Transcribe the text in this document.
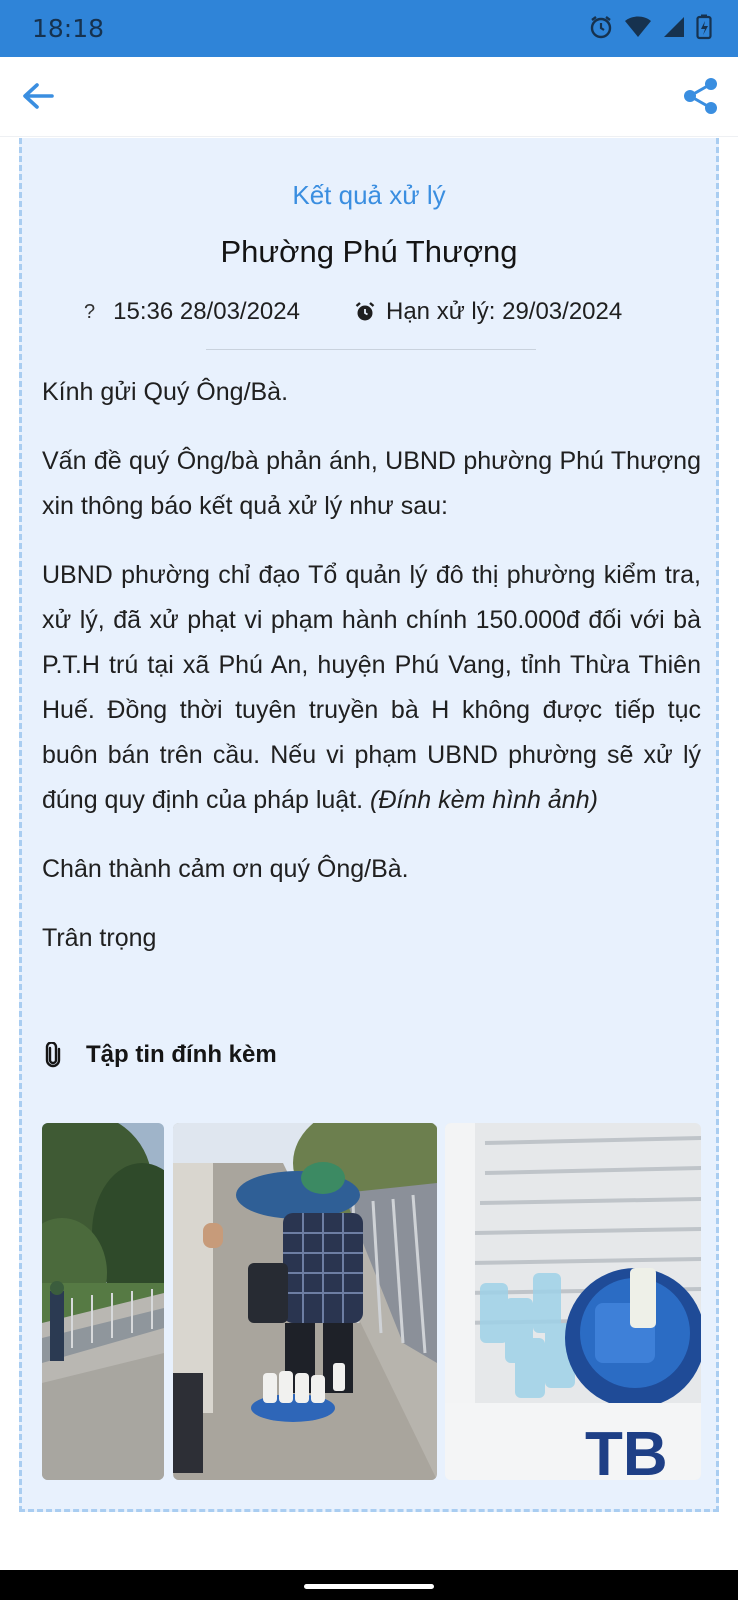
18:18
Kết quả xử lý
Phường Phú Thượng
? 15:36 28/03/2024	Hạn xử lý: 29/03/2024

Kính gửi Quý Ông/Bà.

Vấn đề quý Ông/bà phản ánh, UBND phường Phú Thượng xin thông báo kết quả xử lý như sau:

UBND phường chỉ đạo Tổ quản lý đô thị phường kiểm tra, xử lý, đã xử phạt vi phạm hành chính 150.000đ đối với bà P.T.H trú tại xã Phú An, huyện Phú Vang, tỉnh Thừa Thiên Huế. Đồng thời tuyên truyền bà H không được tiếp tục buôn bán trên cầu. Nếu vi phạm UBND phường sẽ xử lý đúng quy định của pháp luật. (Đính kèm hình ảnh)

Chân thành cảm ơn quý Ông/Bà.

Trân trọng

Tập tin đính kèm
TB
